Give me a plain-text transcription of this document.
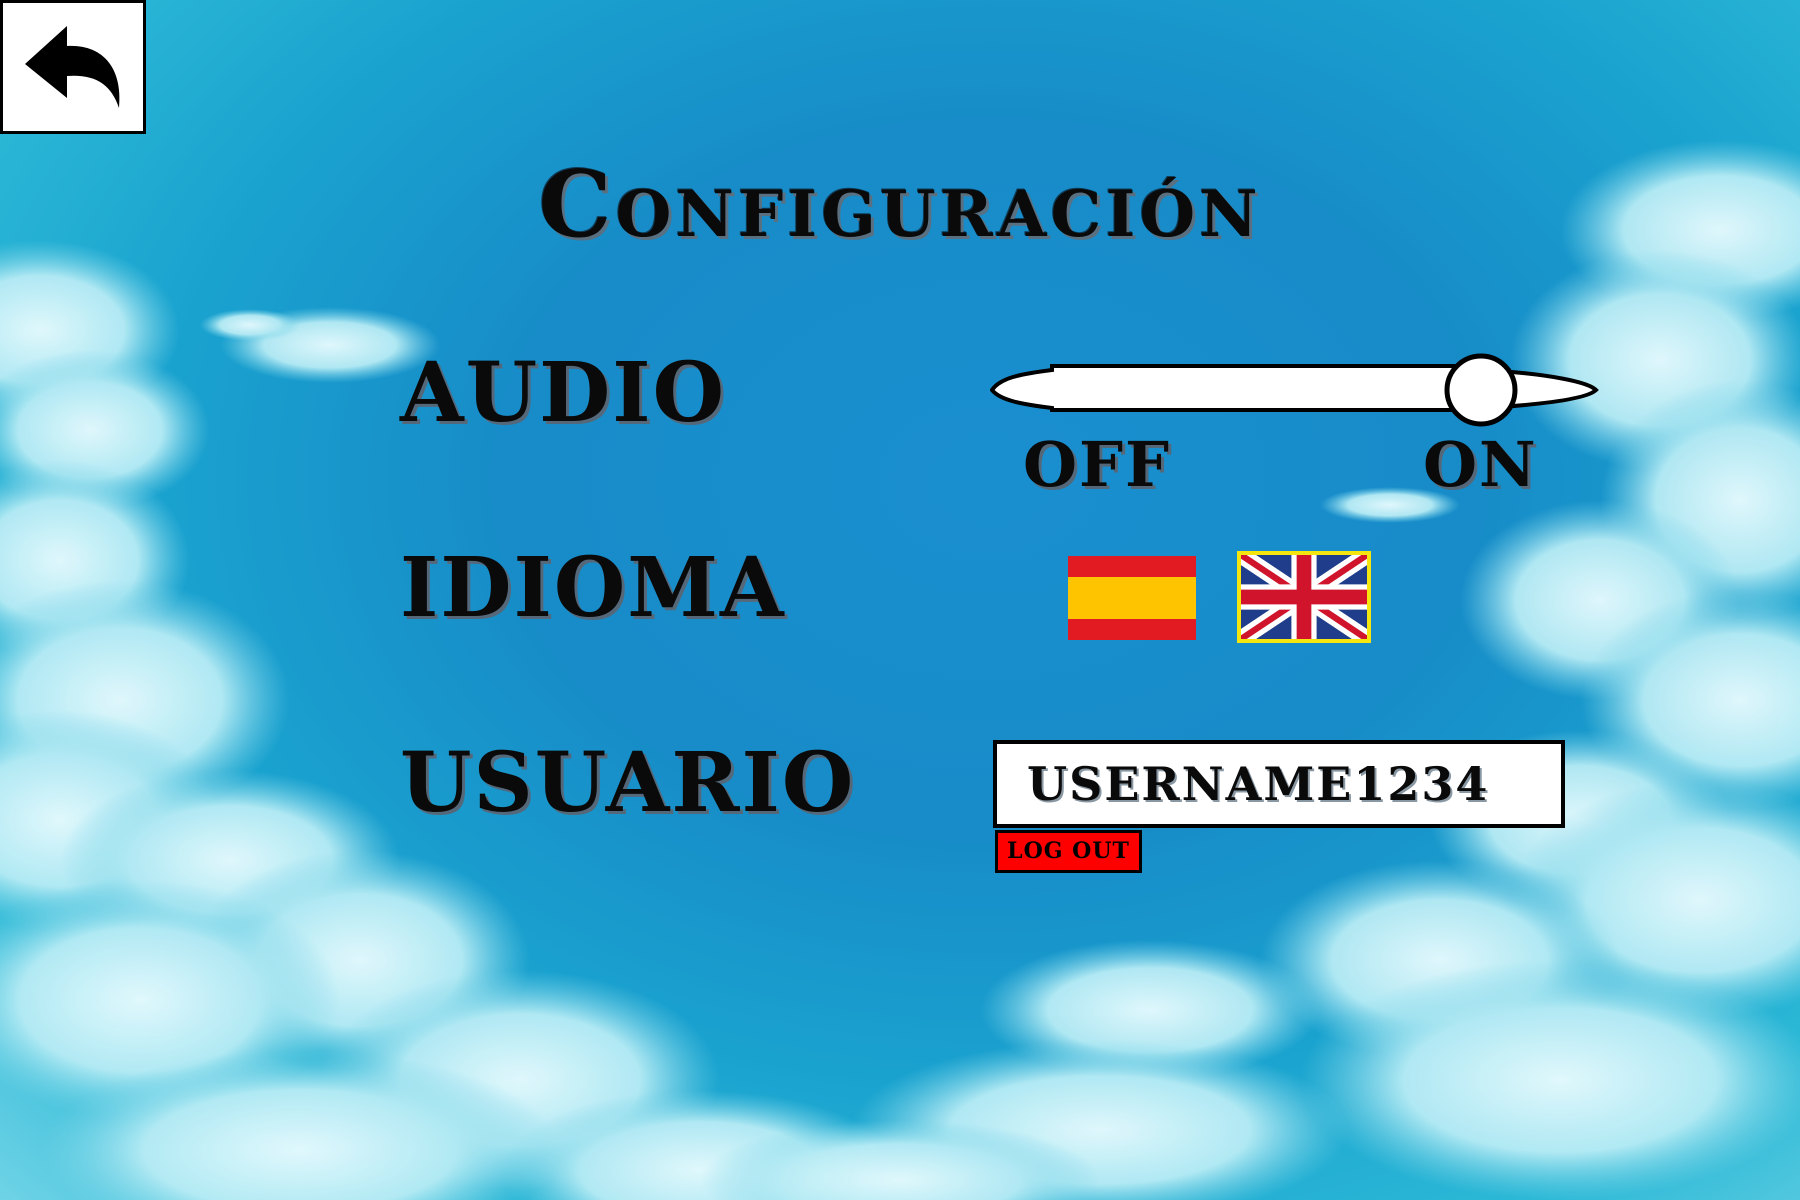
Configuración
AUDIO
OFF	ON
IDIOMA
USUARIO	USERNAME1234
LOG OUT
